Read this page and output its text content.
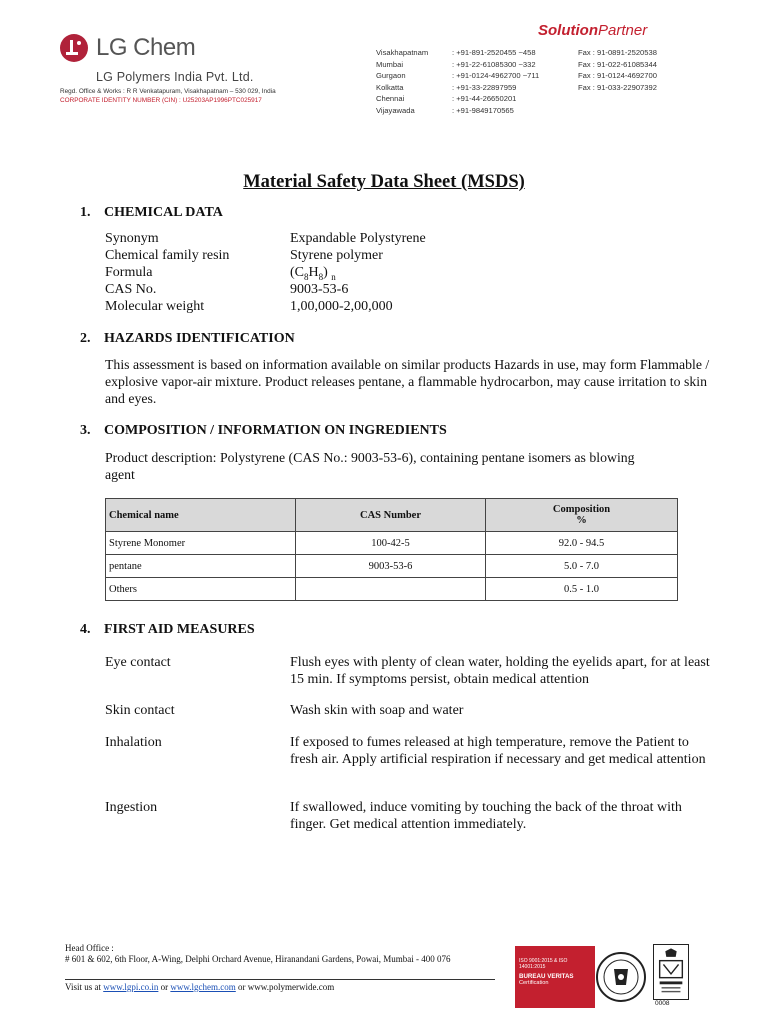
LG Chem
LG Polymers India Pvt. Ltd.
Regd. Office & Works : R R Venkatapuram, Visakhapatnam – 530 029, India
CORPORATE IDENTITY NUMBER (CIN) : U25203AP1996PTC025917
SolutionPartner
Visakhapatnam	: +91-891-2520455 ~458	Fax : 91-0891-2520538
Mumbai	: +91-22-61085300 ~332	Fax : 91-022-61085344
Gurgaon	: +91-0124-4962700 ~711	Fax : 91-0124-4692700
Kolkatta	: +91-33-22897959	Fax : 91-033-22907392
Chennai	: +91-44-26650201
Vijayawada	: +91-9849170565
Material Safety Data Sheet (MSDS)
1. CHEMICAL DATA
Synonym	Expandable Polystyrene
Chemical family resin	Styrene polymer
Formula	$(C_8H_8)$ $_n$
CAS No.	9003-53-6
Molecular weight	1,00,000-2,00,000
2. HAZARDS IDENTIFICATION
This assessment is based on information available on similar products Hazards in use, may form Flammable / explosive vapor-air mixture. Product releases pentane, a flammable hydrocarbon, may cause irritation to skin and eyes.
3. COMPOSITION / INFORMATION ON INGREDIENTS
Product description: Polystyrene (CAS No.: 9003-53-6), containing pentane isomers as blowing agent
Chemical name	CAS Number	Composition
%
Styrene Monomer	100-42-5	92.0 - 94.5
pentane	9003-53-6	5.0 - 7.0
Others		0.5 - 1.0
4. FIRST AID MEASURES
Eye contact	Flush eyes with plenty of clean water, holding the eyelids apart, for at least 15 min. If symptoms persist, obtain medical attention
Skin contact	Wash skin with soap and water
Inhalation	If exposed to fumes released at high temperature, remove the Patient to fresh air. Apply artificial respiration if necessary and get medical attention
Ingestion	If swallowed, induce vomiting by touching the back of the throat with finger. Get medical attention immediately.
Head Office :
# 601 & 602, 6th Floor, A-Wing, Delphi Orchard Avenue, Hiranandani Gardens, Powai, Mumbai - 400 076
Visit us at www.lgpi.co.in or www.lgchem.com or www.polymerwide.com
ISO 9001:2015 & ISO 14001:2015
BUREAU VERITAS
Certification
0008
